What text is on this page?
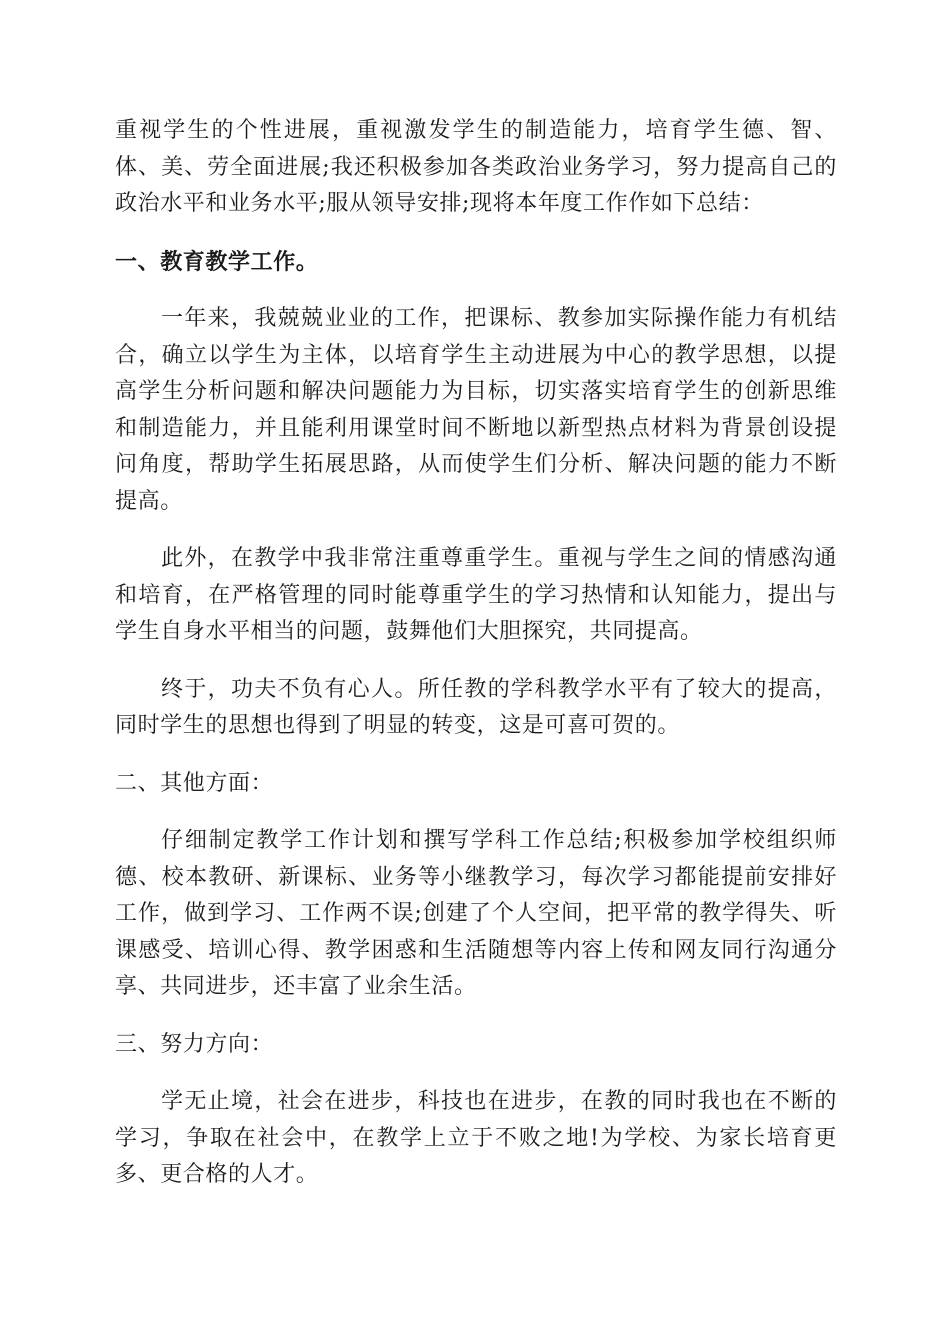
重视学生的个性进展，重视激发学生的制造能力，培育学生德、智、体、美、劳全面进展;我还积极参加各类政治业务学习，努力提高自己的政治水平和业务水平;服从领导安排;现将本年度工作作如下总结：

一、教育教学工作。

一年来，我兢兢业业的工作，把课标、教参加实际操作能力有机结合，确立以学生为主体，以培育学生主动进展为中心的教学思想，以提高学生分析问题和解决问题能力为目标，切实落实培育学生的创新思维和制造能力，并且能利用课堂时间不断地以新型热点材料为背景创设提问角度，帮助学生拓展思路，从而使学生们分析、解决问题的能力不断提高。

此外，在教学中我非常注重尊重学生。重视与学生之间的情感沟通和培育，在严格管理的同时能尊重学生的学习热情和认知能力，提出与学生自身水平相当的问题，鼓舞他们大胆探究，共同提高。

终于，功夫不负有心人。所任教的学科教学水平有了较大的提高，同时学生的思想也得到了明显的转变，这是可喜可贺的。

二、其他方面：

仔细制定教学工作计划和撰写学科工作总结;积极参加学校组织师德、校本教研、新课标、业务等小继教学习，每次学习都能提前安排好工作，做到学习、工作两不误;创建了个人空间，把平常的教学得失、听课感受、培训心得、教学困惑和生活随想等内容上传和网友同行沟通分享、共同进步，还丰富了业余生活。

三、努力方向：

学无止境，社会在进步，科技也在进步，在教的同时我也在不断的学习，争取在社会中，在教学上立于不败之地!为学校、为家长培育更多、更合格的人才。
